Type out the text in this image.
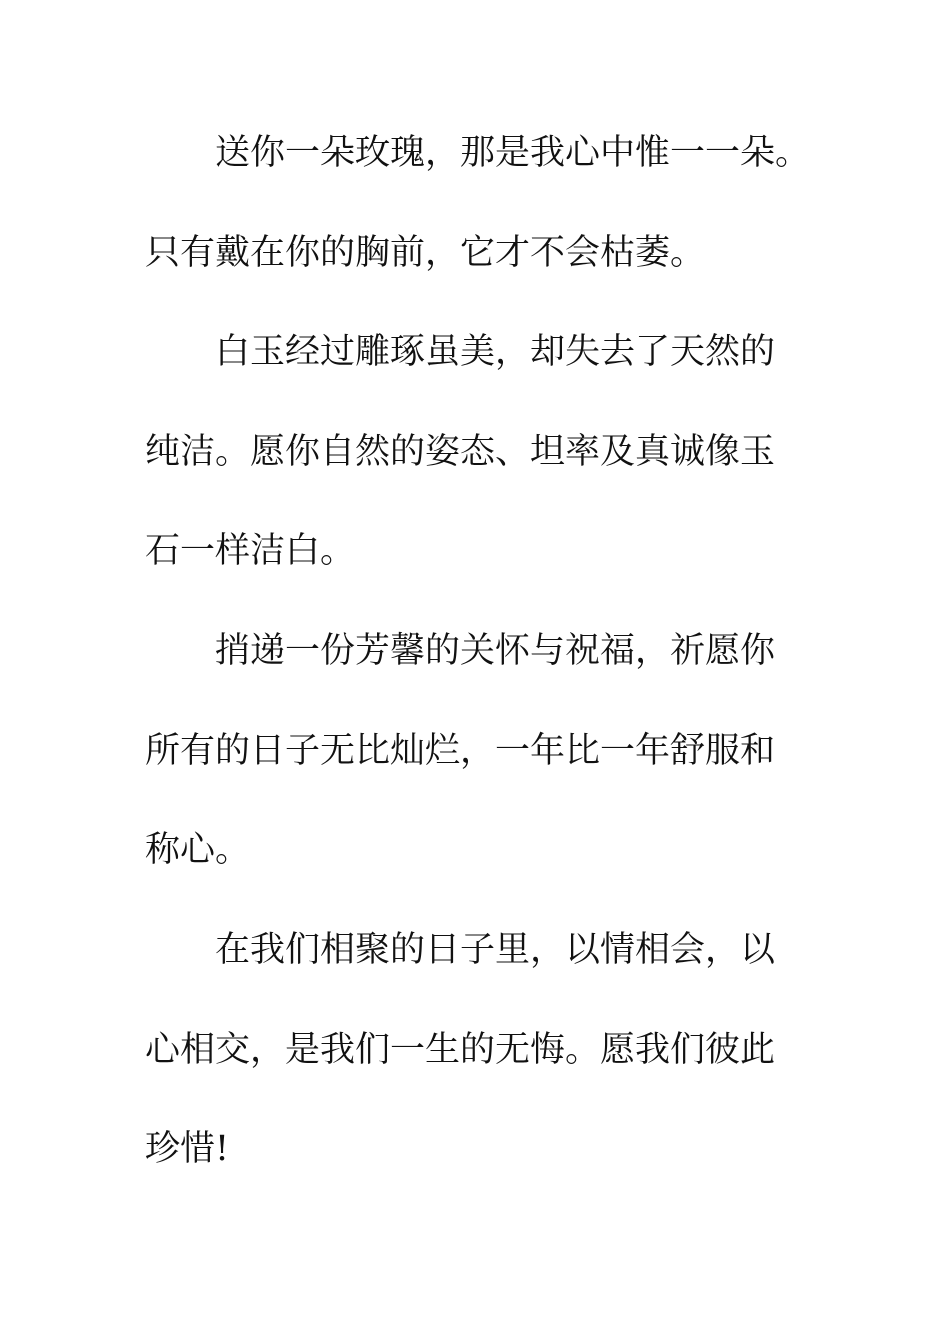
送你一朵玫瑰，那是我心中惟一一朵。
只有戴在你的胸前，它才不会枯萎。
白玉经过雕琢虽美，却失去了天然的
纯洁。愿你自然的姿态、坦率及真诚像玉
石一样洁白。
捎递一份芳馨的关怀与祝福，祈愿你
所有的日子无比灿烂，一年比一年舒服和
称心。
在我们相聚的日子里，以情相会，以
心相交，是我们一生的无悔。愿我们彼此
珍惜!
